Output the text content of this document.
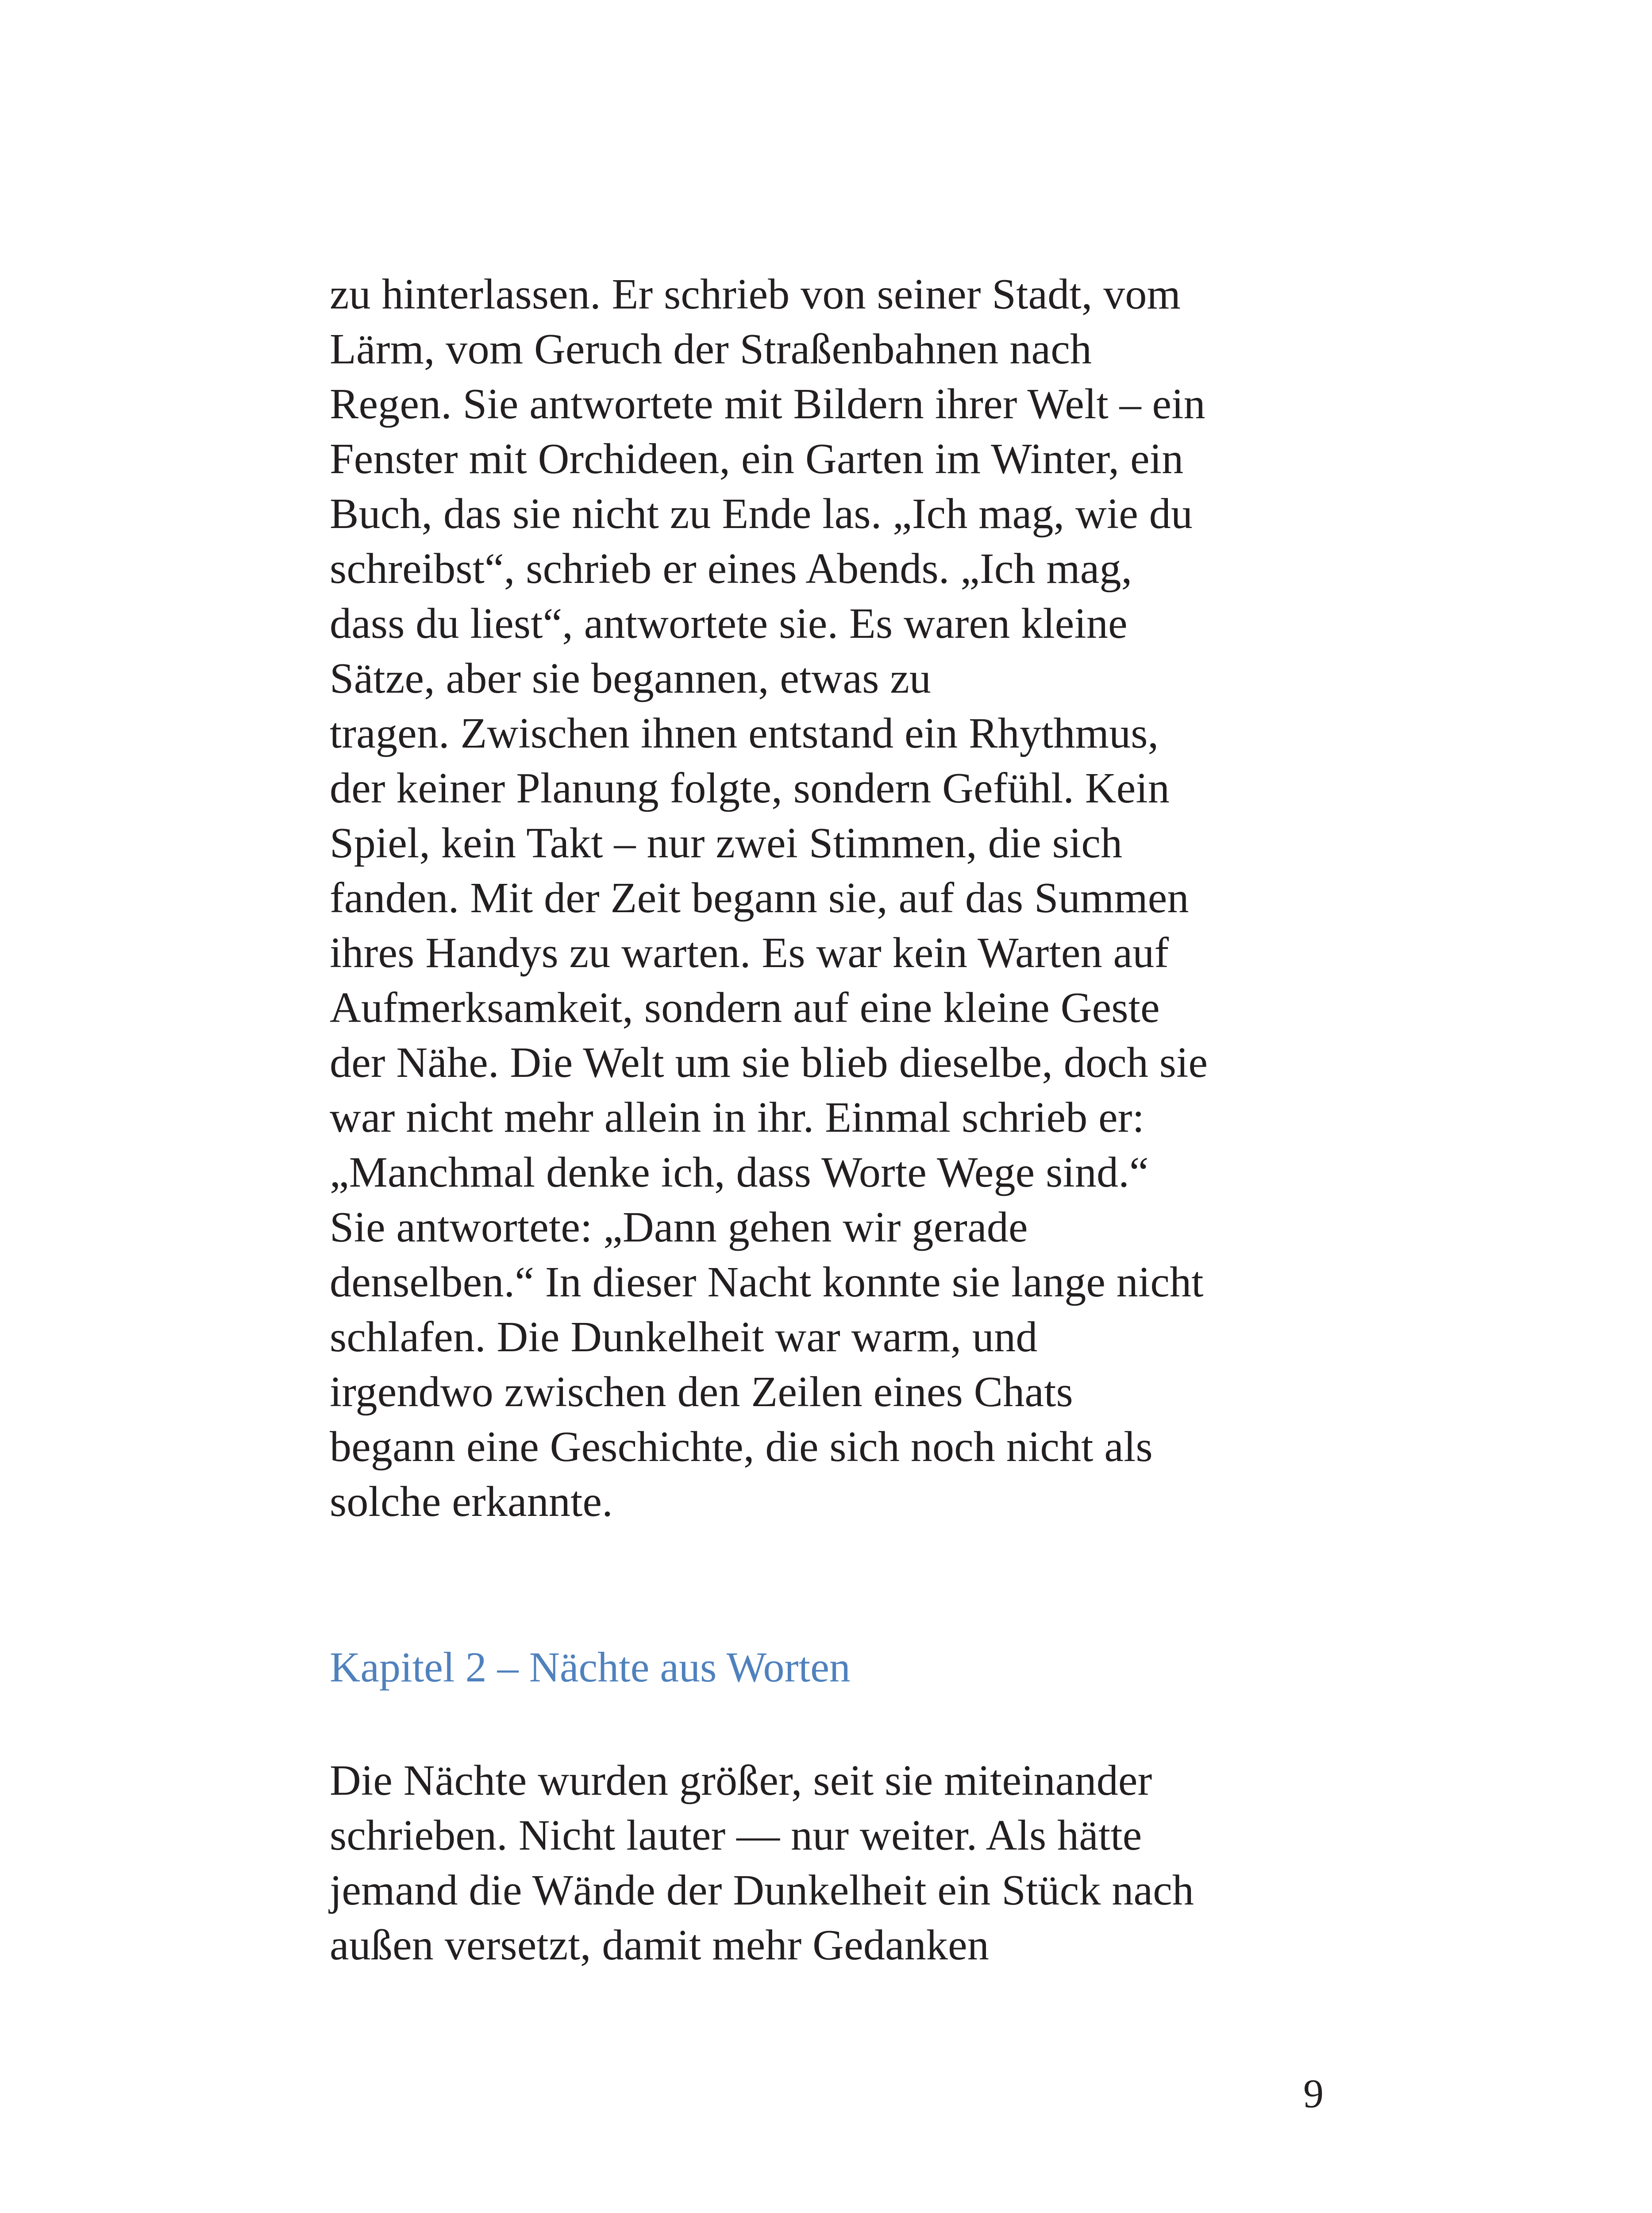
zu hinterlassen. Er schrieb von seiner Stadt, vom
Lärm, vom Geruch der Straßenbahnen nach
Regen. Sie antwortete mit Bildern ihrer Welt – ein
Fenster mit Orchideen, ein Garten im Winter, ein
Buch, das sie nicht zu Ende las. „Ich mag, wie du
schreibst“, schrieb er eines Abends. „Ich mag,
dass du liest“, antwortete sie. Es waren kleine
Sätze, aber sie begannen, etwas zu
tragen. Zwischen ihnen entstand ein Rhythmus,
der keiner Planung folgte, sondern Gefühl. Kein
Spiel, kein Takt – nur zwei Stimmen, die sich
fanden. Mit der Zeit begann sie, auf das Summen
ihres Handys zu warten. Es war kein Warten auf
Aufmerksamkeit, sondern auf eine kleine Geste
der Nähe. Die Welt um sie blieb dieselbe, doch sie
war nicht mehr allein in ihr. Einmal schrieb er:
„Manchmal denke ich, dass Worte Wege sind.“
Sie antwortete: „Dann gehen wir gerade
denselben.“ In dieser Nacht konnte sie lange nicht
schlafen. Die Dunkelheit war warm, und
irgendwo zwischen den Zeilen eines Chats
begann eine Geschichte, die sich noch nicht als
solche erkannte.
Kapitel 2 – Nächte aus Worten
Die Nächte wurden größer, seit sie miteinander
schrieben. Nicht lauter — nur weiter. Als hätte
jemand die Wände der Dunkelheit ein Stück nach
außen versetzt, damit mehr Gedanken
9
